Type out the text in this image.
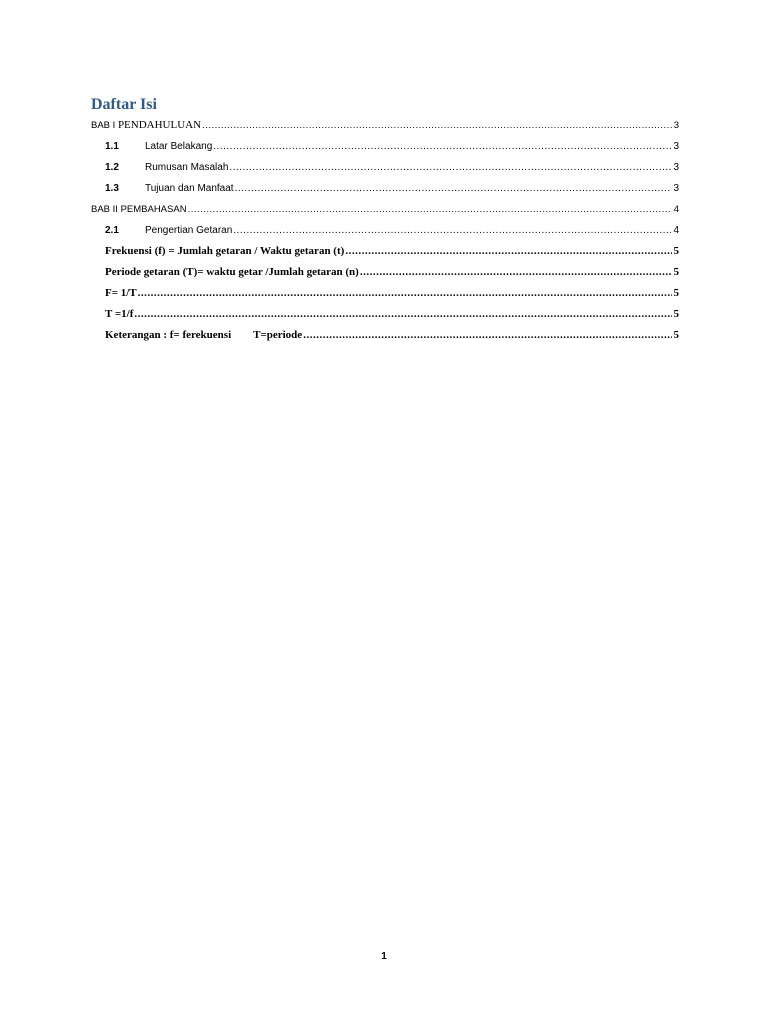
Daftar Isi
BAB I PENDAHULUAN .....	3
1.1	Latar Belakang .....	3
1.2	Rumusan Masalah .....	3
1.3	Tujuan dan Manfaat .....	3
BAB II PEMBAHASAN .....	4
2.1	Pengertian Getaran .....	4
Frekuensi (f) = Jumlah getaran / Waktu getaran (t) .....	5
Periode getaran (T)= waktu getar /Jumlah getaran (n) .....	5
F= 1/T .....	5
T =1/f .....	5
Keterangan : f= ferekuensi T=periode .....	5
1
